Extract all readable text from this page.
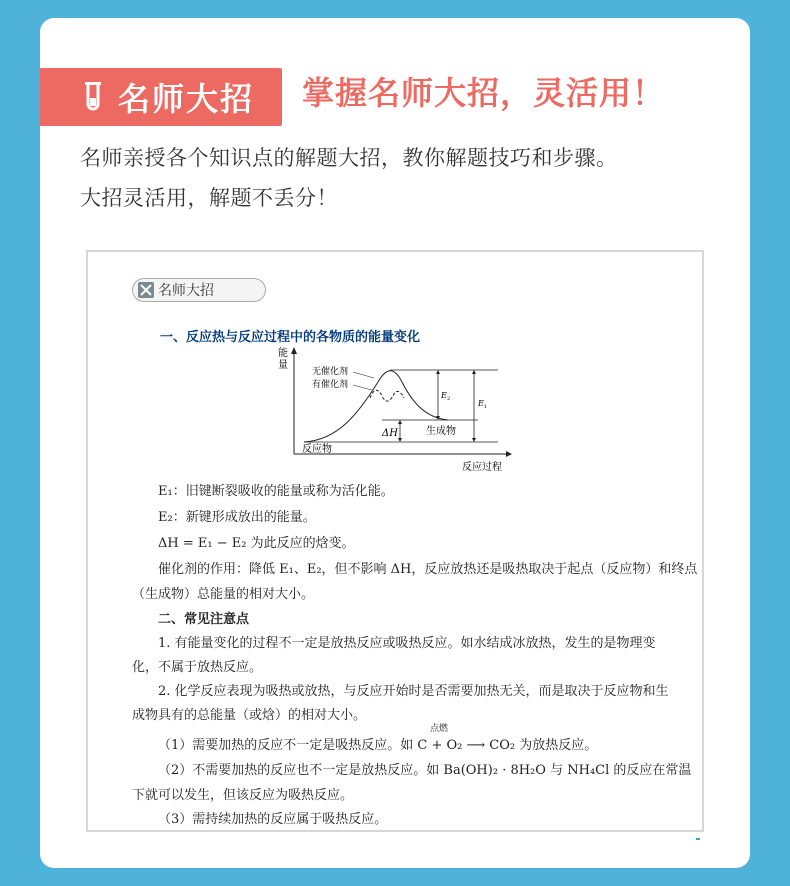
名师大招 掌握名师大招，灵活用！
名师亲授各个知识点的解题大招，教你解题技巧和步骤。
大招灵活用，解题不丢分！
名师大招
一、反应热与反应过程中的各物质的能量变化
能
量
无催化剂
有催化剂
反应物
生成物
反应过程
ΔH
E 2	E 1
E₁：旧键断裂吸收的能量或称为活化能。
E₂：新键形成放出的能量。
ΔH = E₁ − E₂ 为此反应的焓变。
催化剂的作用：降低 E₁、E₂，但不影响 ΔH，反应放热还是吸热取决于起点（反应物）和终点
（生成物）总能量的相对大小。
二、常见注意点
1. 有能量变化的过程不一定是放热反应或吸热反应。如水结成冰放热，发生的是物理变
化，不属于放热反应。
2. 化学反应表现为吸热或放热，与反应开始时是否需要加热无关，而是取决于反应物和生
成物具有的总能量（或焓）的相对大小。
（1）需要加热的反应不一定是吸热反应。如 C + O₂ ⟶ CO₂ 为放热反应。
点燃
（2）不需要加热的反应也不一定是放热反应。如 Ba(OH)₂ · 8H₂O 与 NH₄Cl 的反应在常温
下就可以发生，但该反应为吸热反应。
（3）需持续加热的反应属于吸热反应。
